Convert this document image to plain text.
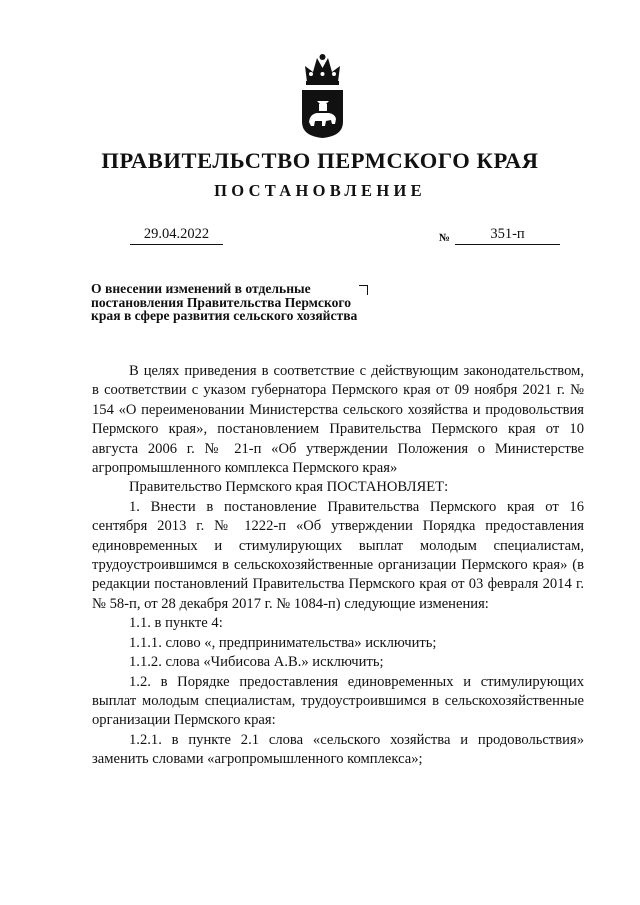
ПРАВИТЕЛЬСТВО ПЕРМСКОГО КРАЯ
ПОСТАНОВЛЕНИЕ
29.04.2022	№	351-п
О внесении изменений в отдельные постановления Правительства Пермского края в сфере развития сельского хозяйства

В целях приведения в соответствие с действующим законодательством, в соответствии с указом губернатора Пермского края от 09 ноября 2021 г. № 154 «О переименовании Министерства сельского хозяйства и продовольствия Пермского края», постановлением Правительства Пермского края от 10 августа 2006 г. № 21-п «Об утверждении Положения о Министерстве агропромышленного комплекса Пермского края»

Правительство Пермского края ПОСТАНОВЛЯЕТ:

1. Внести в постановление Правительства Пермского края от 16 сентября 2013 г. № 1222-п «Об утверждении Порядка предоставления единовременных и стимулирующих выплат молодым специалистам, трудоустроившимся в сельскохозяйственные организации Пермского края» (в редакции постановлений Правительства Пермского края от 03 февраля 2014 г. № 58-п, от 28 декабря 2017 г. № 1084-п) следующие изменения:

1.1. в пункте 4:

1.1.1. слово «, предпринимательства» исключить;

1.1.2. слова «Чибисова А.В.» исключить;

1.2. в Порядке предоставления единовременных и стимулирующих выплат молодым специалистам, трудоустроившимся в сельскохозяйственные организации Пермского края:

1.2.1. в пункте 2.1 слова «сельского хозяйства и продовольствия» заменить словами «агропромышленного комплекса»;
